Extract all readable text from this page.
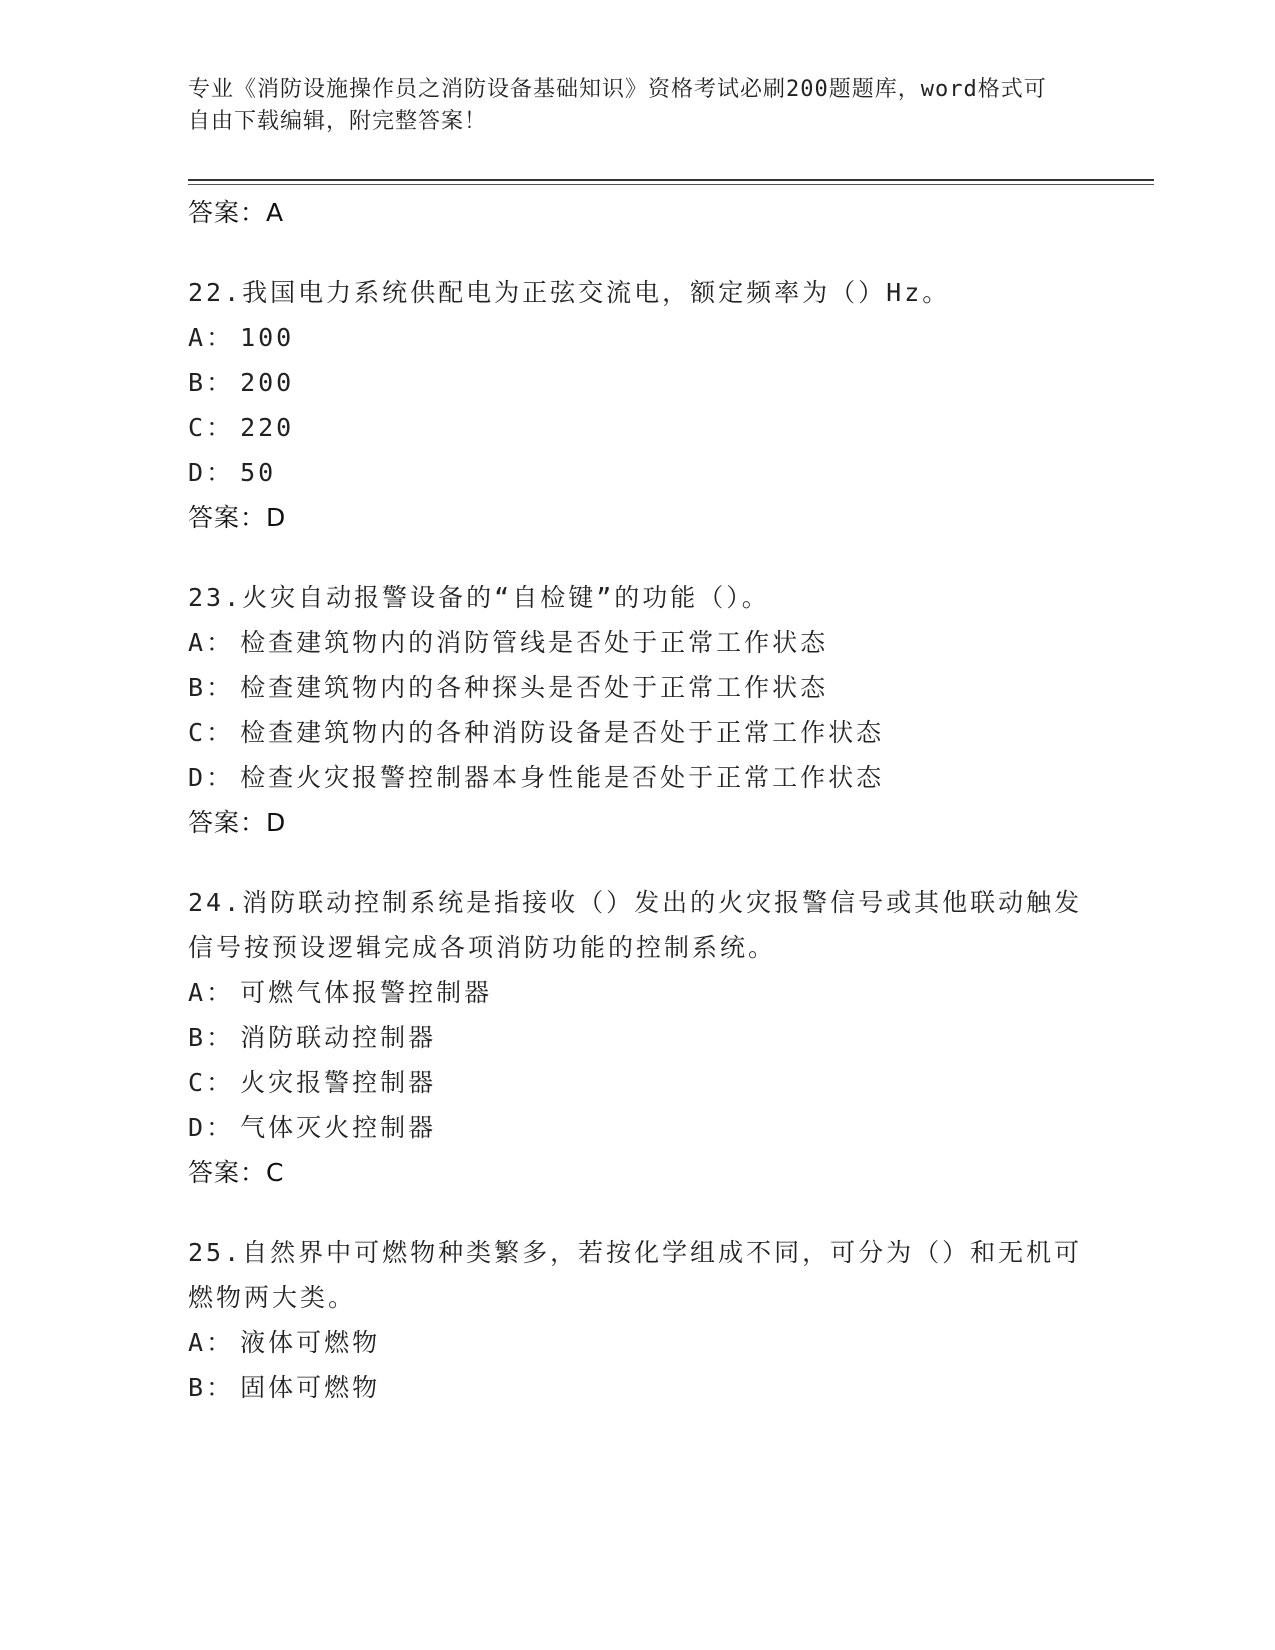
专业《消防设施操作员之消防设备基础知识》资格考试必刷200题题库，word格式可自由下载编辑，附完整答案！
答案：A
22.我国电力系统供配电为正弦交流电，额定频率为（）Hz。
A： 100
B： 200
C： 220
D： 50
答案：D
23.火灾自动报警设备的“自检键”的功能（）。
A： 检查建筑物内的消防管线是否处于正常工作状态
B： 检查建筑物内的各种探头是否处于正常工作状态
C： 检查建筑物内的各种消防设备是否处于正常工作状态
D： 检查火灾报警控制器本身性能是否处于正常工作状态
答案：D
24.消防联动控制系统是指接收（）发出的火灾报警信号或其他联动触发信号按预设逻辑完成各项消防功能的控制系统。
A： 可燃气体报警控制器
B： 消防联动控制器
C： 火灾报警控制器
D： 气体灭火控制器
答案：C
25.自然界中可燃物种类繁多，若按化学组成不同，可分为（）和无机可燃物两大类。
A： 液体可燃物
B： 固体可燃物
